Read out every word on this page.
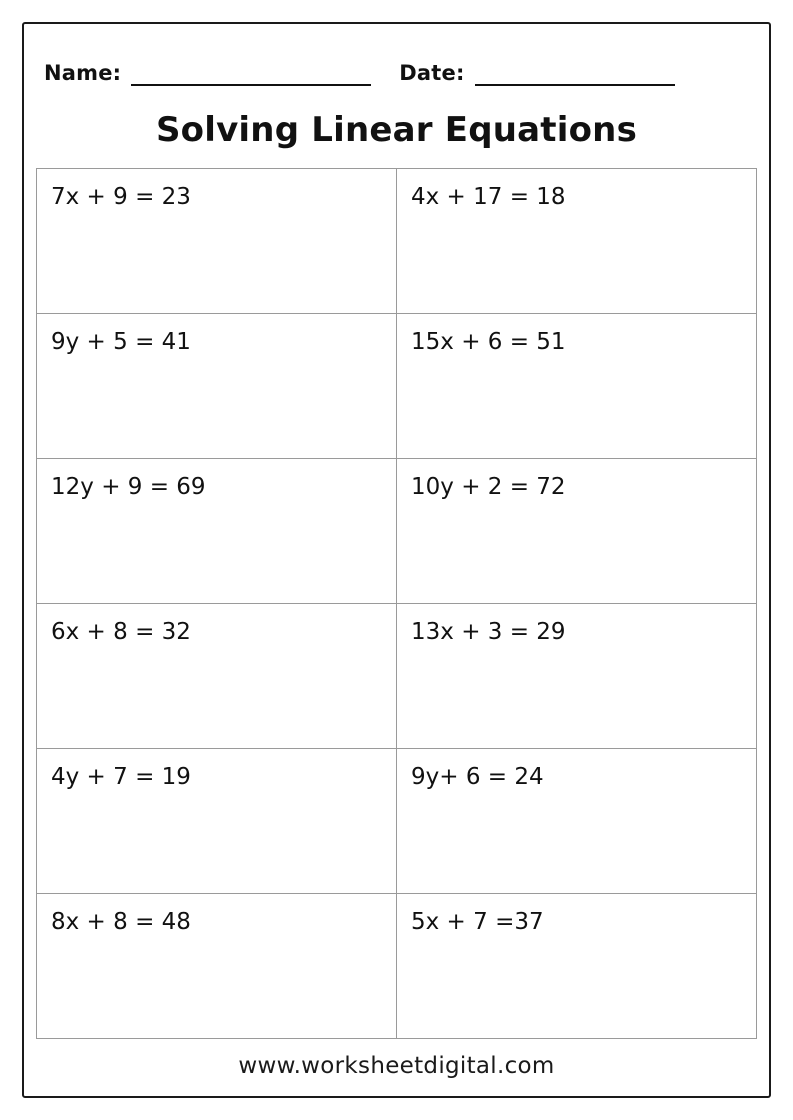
Name:	Date:
Solving Linear Equations
7x + 9 = 23	4x + 17 = 18
9y + 5 = 41	15x + 6 = 51
12y + 9 = 69	10y + 2 = 72
6x + 8 = 32	13x + 3 = 29
4y + 7 = 19	9y+ 6 = 24
8x + 8 = 48	5x + 7 =37
www.worksheetdigital.com
